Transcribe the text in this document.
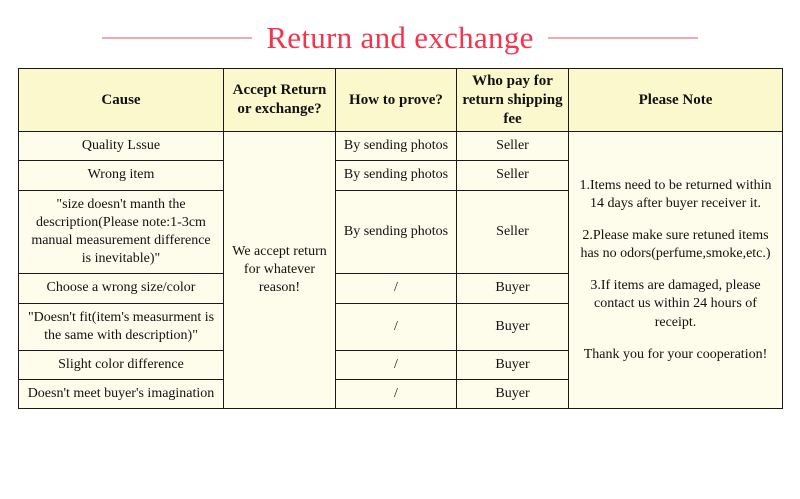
Return and exchange
Cause	Accept Return or exchange?	How to prove?	Who pay for return shipping fee	Please Note
Quality Lssue	We accept return for whatever reason!	By sending photos	Seller	1.Items need to be returned within 14 days after buyer receiver it.

2.Please make sure retuned items has no odors(perfume,smoke,etc.)

3.If items are damaged, please contact us within 24 hours of receipt.

Thank you for your cooperation!

Wrong item		By sending photos	Seller	
"size doesn't manth the description(Please note:1-3cm manual measurement difference is inevitable)"		By sending photos	Seller	
Choose a wrong size/color		/	Buyer	
"Doesn't fit(item's measurment is the same with description)"		/	Buyer	
Slight color difference		/	Buyer	
Doesn't meet buyer's imagination		/	Buyer	
